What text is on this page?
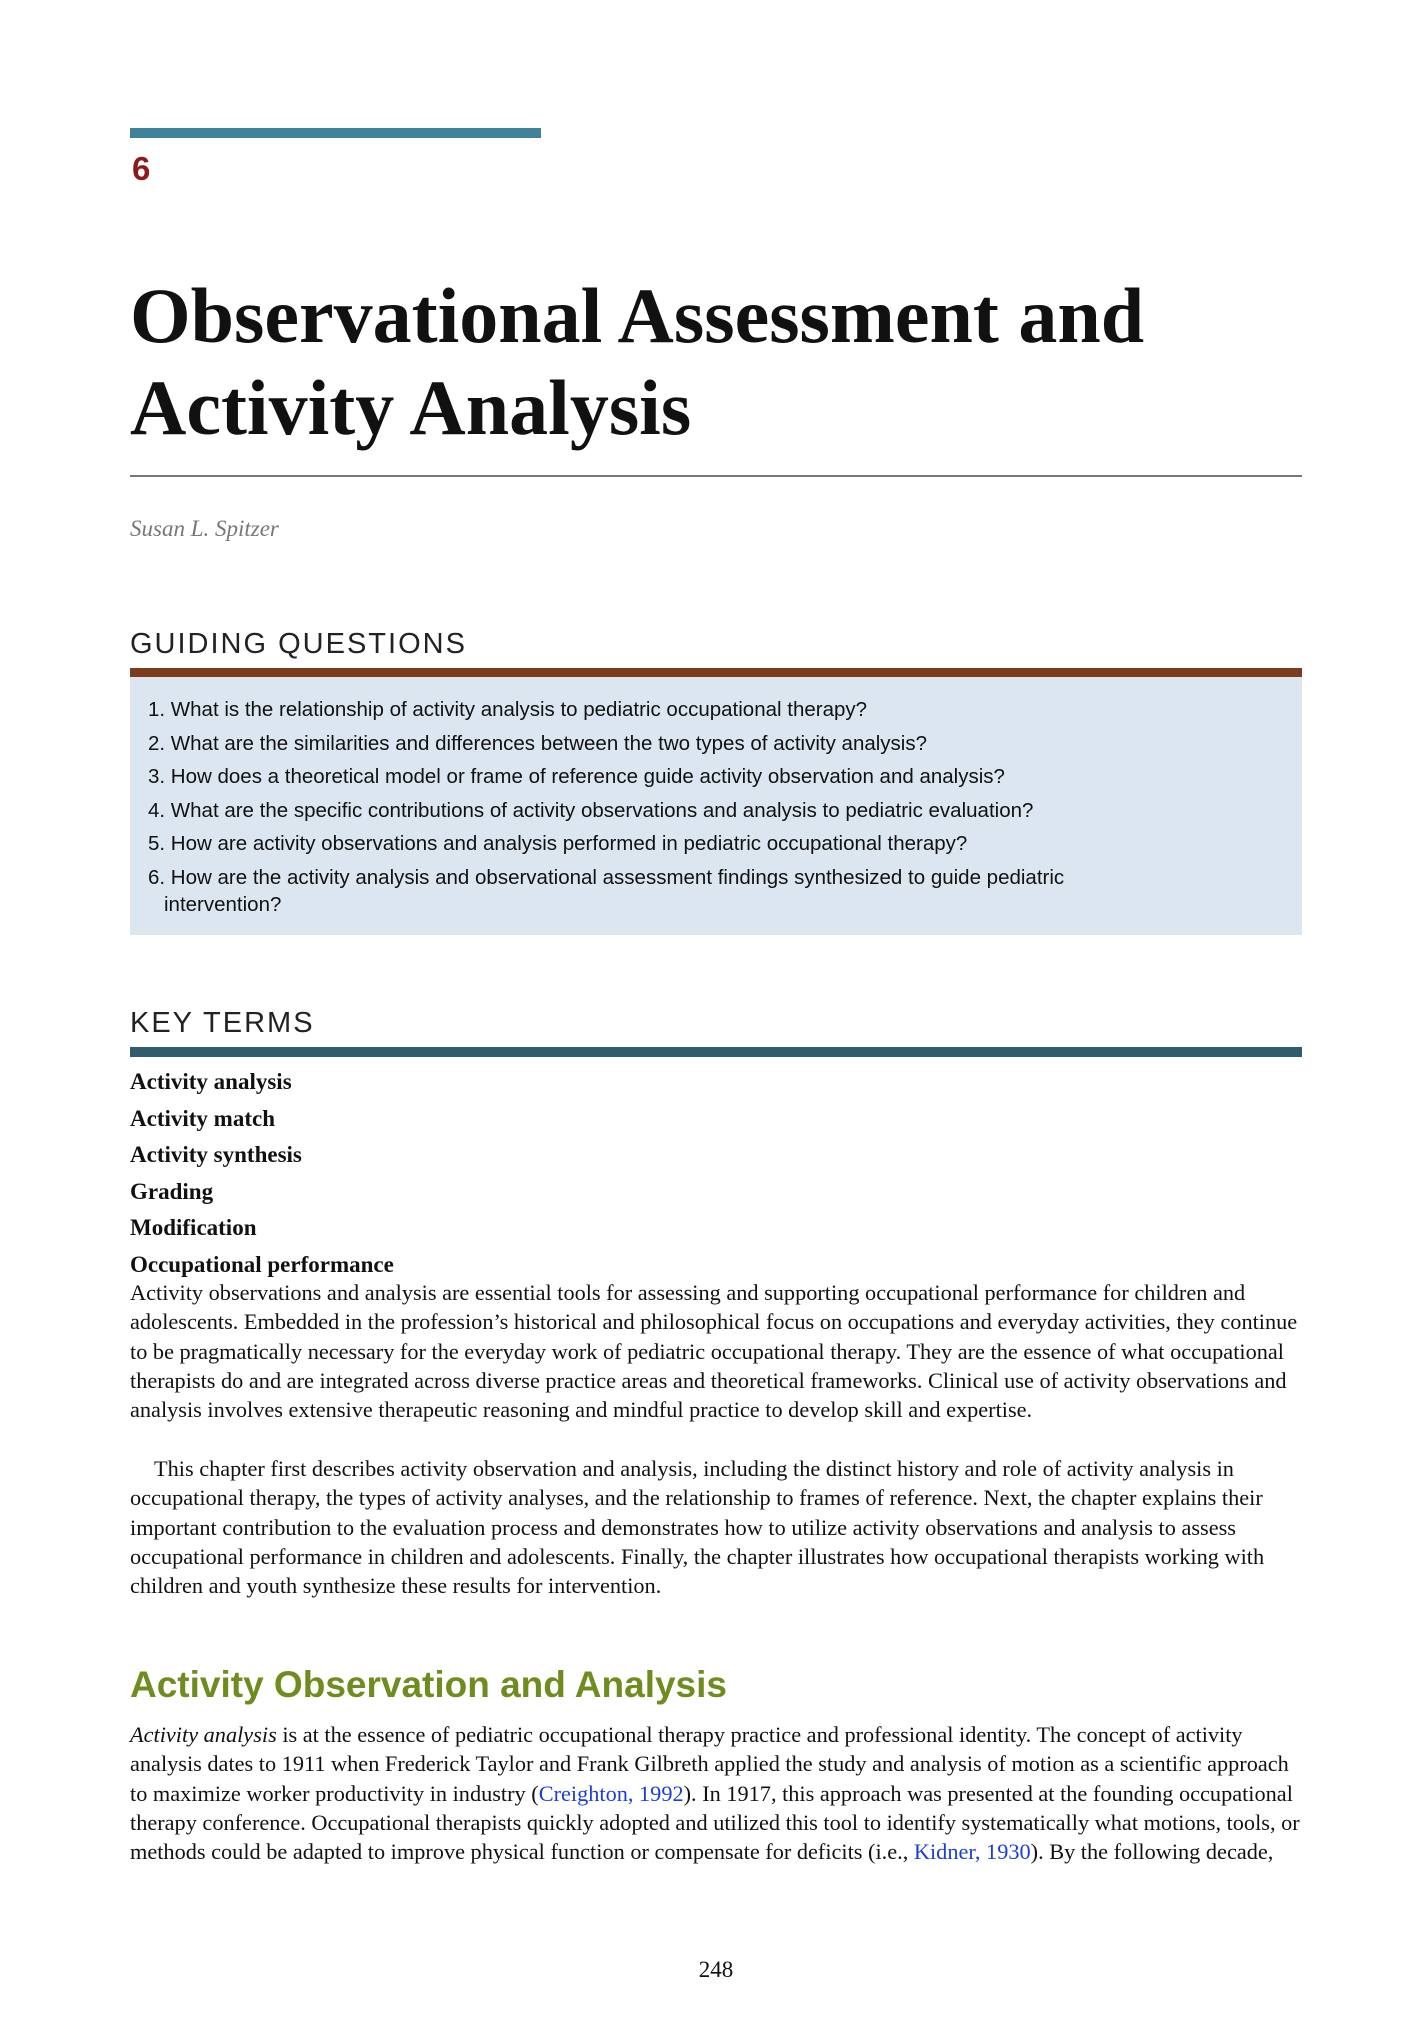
6
Observational Assessment and
Activity Analysis
Susan L. Spitzer
GUIDING QUESTIONS
1. What is the relationship of activity analysis to pediatric occupational therapy?
2. What are the similarities and differences between the two types of activity analysis?
3. How does a theoretical model or frame of reference guide activity observation and analysis?
4. What are the specific contributions of activity observations and analysis to pediatric evaluation?
5. How are activity observations and analysis performed in pediatric occupational therapy?
6. How are the activity analysis and observational assessment findings synthesized to guide pediatric
intervention?
KEY TERMS
Activity analysis
Activity match
Activity synthesis
Grading
Modification
Occupational performance

Activity observations and analysis are essential tools for assessing and supporting occupational performance for children and adolescents. Embedded in the profession’s historical and philosophical focus on occupations and everyday activities, they continue to be pragmatically necessary for the everyday work of pediatric occupational therapy. They are the essence of what occupational therapists do and are integrated across diverse practice areas and theoretical frameworks. Clinical use of activity observations and analysis involves extensive therapeutic reasoning and mindful practice to develop skill and expertise.

This chapter first describes activity observation and analysis, including the distinct history and role of activity analysis in occupational therapy, the types of activity analyses, and the relationship to frames of reference. Next, the chapter explains their important contribution to the evaluation process and demonstrates how to utilize activity observations and analysis to assess occupational performance in children and adolescents. Finally, the chapter illustrates how occupational therapists working with children and youth synthesize these results for intervention.

Activity Observation and Analysis

Activity analysis is at the essence of pediatric occupational therapy practice and professional identity. The concept of activity analysis dates to 1911 when Frederick Taylor and Frank Gilbreth applied the study and analysis of motion as a scientific approach to maximize worker productivity in industry (Creighton, 1992). In 1917, this approach was presented at the founding occupational therapy conference. Occupational therapists quickly adopted and utilized this tool to identify systematically what motions, tools, or methods could be adapted to improve physical function or compensate for deficits (i.e., Kidner, 1930). By the following decade,

248
